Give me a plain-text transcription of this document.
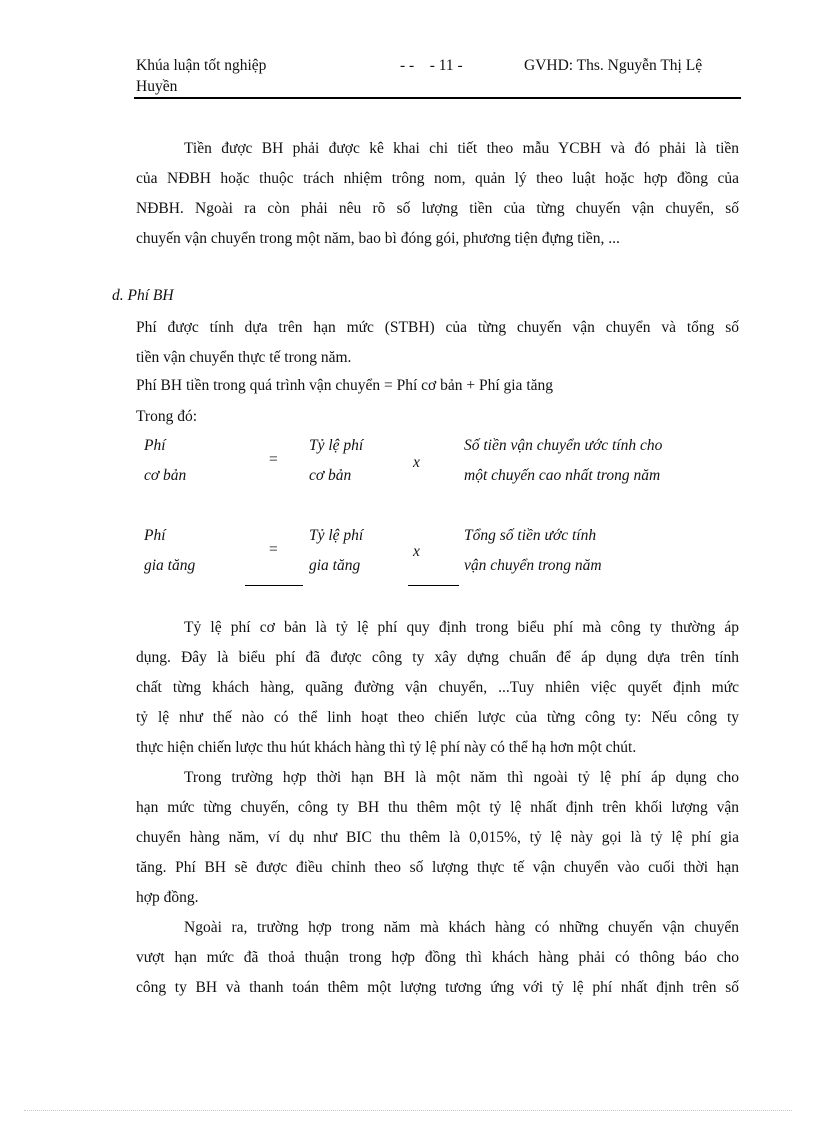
Khúa luận tốt nghiệp
Huyền
- -    - 11 -	GVHD: Ths. Nguyễn Thị Lệ
Tiền được BH phải được kê khai chi tiết theo mẫu YCBH và đó phải là tiền
của NĐBH hoặc thuộc trách nhiệm trông nom, quản lý theo luật hoặc hợp đồng của
NĐBH. Ngoài ra còn phải nêu rõ số lượng tiền của từng chuyến vận chuyển, số
chuyến vận chuyển trong một năm, bao bì đóng gói, phương tiện đựng tiền, ...
d. Phí BH
Phí được tính dựa trên hạn mức (STBH) của từng chuyến vận chuyển và tổng số
tiền vận chuyển thực tế trong năm.
Phí BH tiền trong quá trình vận chuyển = Phí cơ bản + Phí gia tăng
Trong đó:
Phí
cơ bản
=
Tỷ lệ phí
cơ bản
x
Số tiền vận chuyển ước tính cho
một chuyến cao nhất trong năm
Phí
gia tăng
=
Tỷ lệ phí
gia tăng
x
Tổng số tiền ước tính
vận chuyển trong năm
Tỷ lệ phí cơ bản là tỷ lệ phí quy định trong biểu phí mà công ty thường áp
dụng. Đây là biểu phí đã được công ty xây dựng chuẩn để áp dụng dựa trên tính
chất từng khách hàng, quãng đường vận chuyển, ...Tuy nhiên việc quyết định mức
tỷ lệ như thế nào có thể linh hoạt theo chiến lược của từng công ty: Nếu công ty
thực hiện chiến lược thu hút khách hàng thì tỷ lệ phí này có thể hạ hơn một chút.
Trong trường hợp thời hạn BH là một năm thì ngoài tỷ lệ phí áp dụng cho
hạn mức từng chuyến, công ty BH thu thêm một tỷ lệ nhất định trên khối lượng vận
chuyển hàng năm, ví dụ như BIC thu thêm là 0,015%, tỷ lệ này gọi là tỷ lệ phí gia
tăng. Phí BH sẽ được điều chỉnh theo số lượng thực tế vận chuyển vào cuối thời hạn
hợp đồng.
Ngoài ra, trường hợp trong năm mà khách hàng có những chuyến vận chuyển
vượt hạn mức đã thoả thuận trong hợp đồng thì khách hàng phải có thông báo cho
công ty BH và thanh toán thêm một lượng tương ứng với tỷ lệ phí nhất định trên số
